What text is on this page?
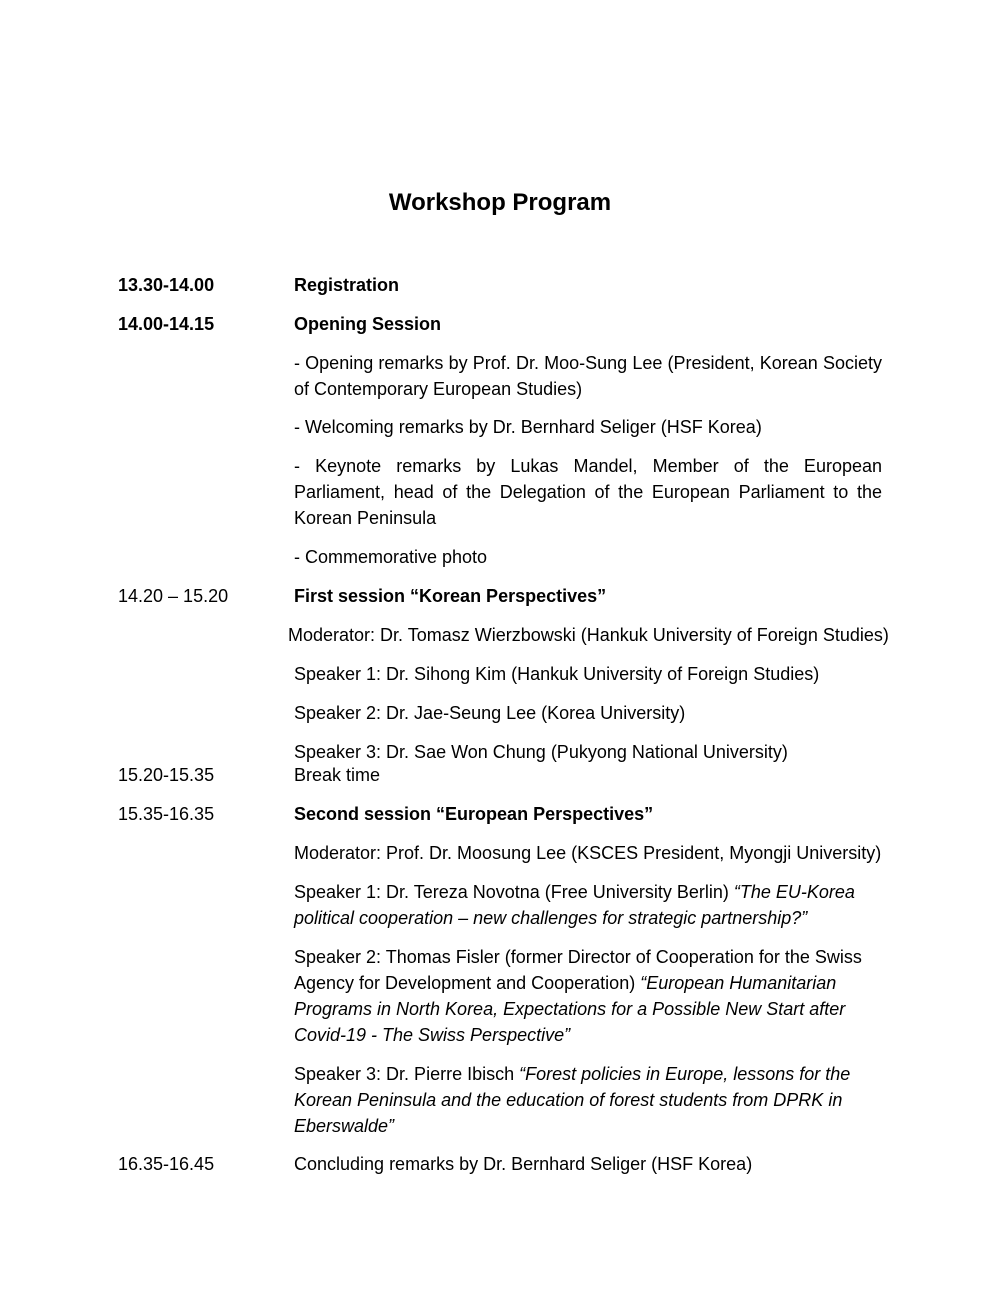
Workshop Program
13.30-14.00	Registration
14.00-14.15	Opening Session
- Opening remarks by Prof. Dr. Moo-Sung Lee (President, Korean Society of Contemporary European Studies)
- Welcoming remarks by Dr. Bernhard Seliger (HSF Korea)
- Keynote remarks by Lukas Mandel, Member of the European Parliament, head of the Delegation of the European Parliament to the Korean Peninsula
- Commemorative photo
14.20 – 15.20	First session “Korean Perspectives”
Moderator: Dr. Tomasz Wierzbowski (Hankuk University of Foreign Studies)
Speaker 1: Dr. Sihong Kim (Hankuk University of Foreign Studies)
Speaker 2: Dr. Jae-Seung Lee (Korea University)
Speaker 3: Dr. Sae Won Chung (Pukyong National University)
15.20-15.35	Break time
15.35-16.35	Second session “European Perspectives”
Moderator: Prof. Dr. Moosung Lee (KSCES President, Myongji University)
Speaker 1: Dr. Tereza Novotna (Free University Berlin) “The EU-Korea political cooperation – new challenges for strategic partnership?”
Speaker 2: Thomas Fisler (former Director of Cooperation for the Swiss Agency for Development and Cooperation) “European Humanitarian Programs in North Korea, Expectations for a Possible New Start after Covid-19 - The Swiss Perspective”
Speaker 3: Dr. Pierre Ibisch “Forest policies in Europe, lessons for the Korean Peninsula and the education of forest students from DPRK in Eberswalde”
16.35-16.45	Concluding remarks by Dr. Bernhard Seliger (HSF Korea)
